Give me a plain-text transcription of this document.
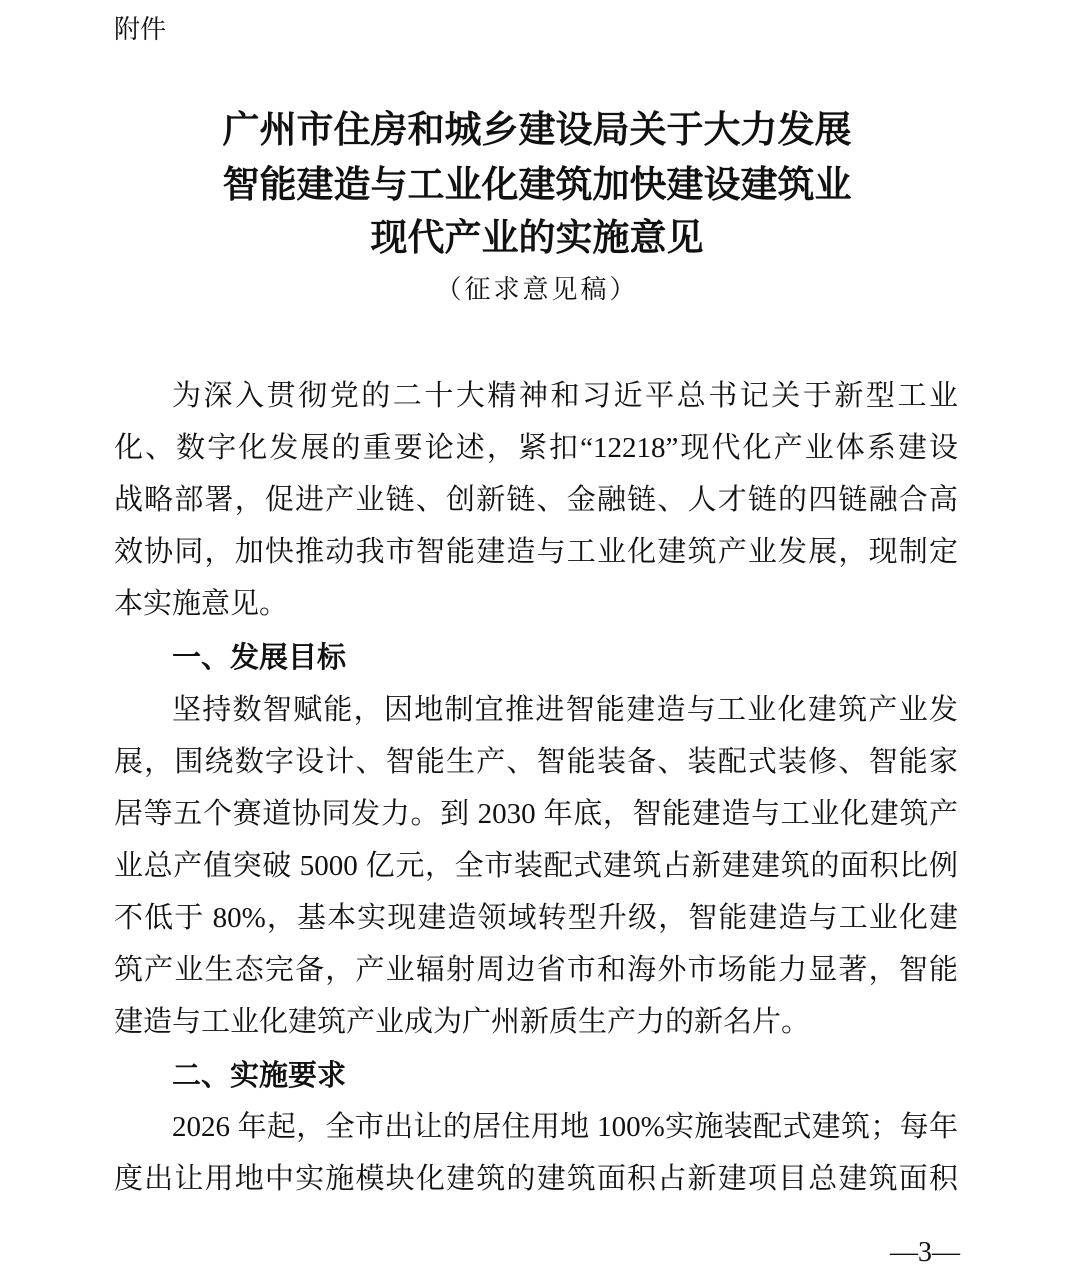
附件
广州市住房和城乡建设局关于大力发展
智能建造与工业化建筑加快建设建筑业
现代产业的实施意见
（征求意见稿）
为深入贯彻党的二十大精神和习近平总书记关于新型工业
化、数字化发展的重要论述，紧扣“12218”现代化产业体系建设
战略部署，促进产业链、创新链、金融链、人才链的四链融合高
效协同，加快推动我市智能建造与工业化建筑产业发展，现制定
本实施意见。
一、发展目标
坚持数智赋能，因地制宜推进智能建造与工业化建筑产业发
展，围绕数字设计、智能生产、智能装备、装配式装修、智能家
居等五个赛道协同发力。到 2030 年底，智能建造与工业化建筑产
业总产值突破 5000 亿元，全市装配式建筑占新建建筑的面积比例
不低于 80%，基本实现建造领域转型升级，智能建造与工业化建
筑产业生态完备，产业辐射周边省市和海外市场能力显著，智能
建造与工业化建筑产业成为广州新质生产力的新名片。
二、实施要求
2026 年起，全市出让的居住用地 100%实施装配式建筑；每年
度出让用地中实施模块化建筑的建筑面积占新建项目总建筑面积
—3—
